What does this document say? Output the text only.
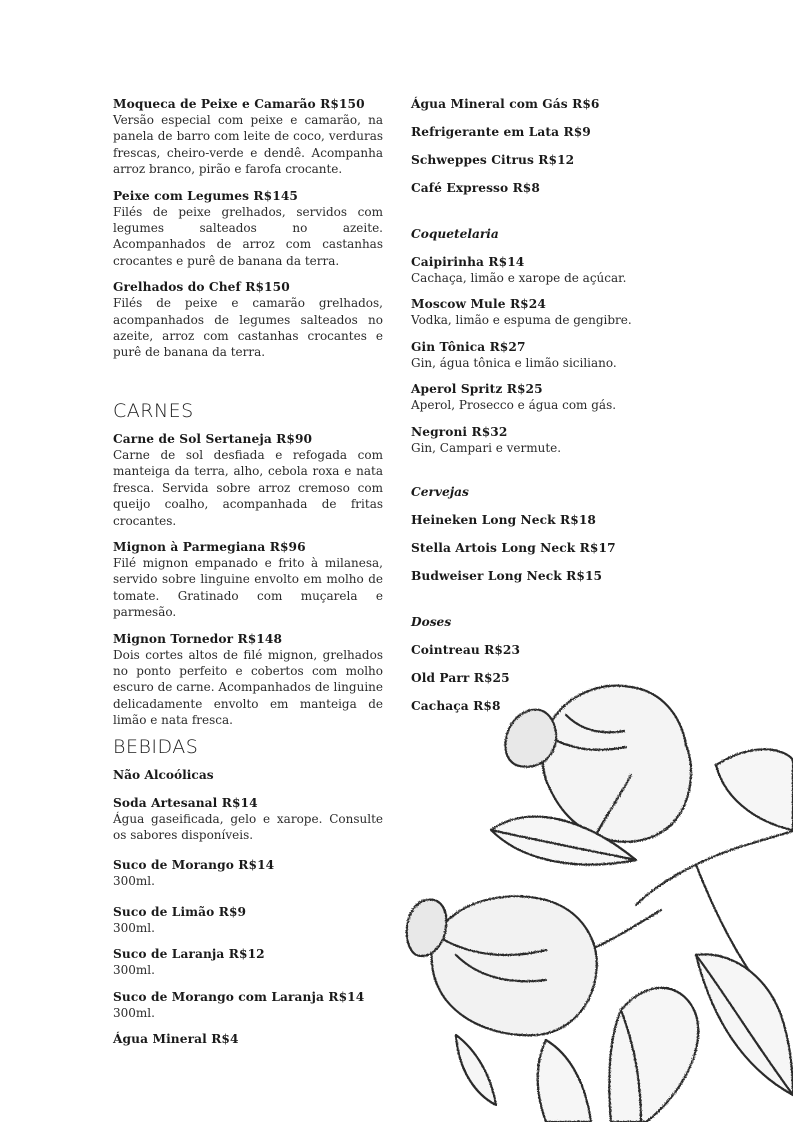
Moqueca de Peixe e Camarão R$150
Versão especial com peixe e camarão, na panela de barro com leite de coco, verduras frescas, cheiro-verde e dendê. Acompanha arroz branco, pirão e farofa crocante.
Peixe com Legumes R$145
Filés de peixe grelhados, servidos com legumes salteados no azeite. Acompanhados de arroz com castanhas crocantes e purê de banana da terra.
Grelhados do Chef R$150
Filés de peixe e camarão grelhados, acompanhados de legumes salteados no azeite, arroz com castanhas crocantes e purê de banana da terra.
CARNES
Carne de Sol Sertaneja R$90
Carne de sol desfiada e refogada com manteiga da terra, alho, cebola roxa e nata fresca. Servida sobre arroz cremoso com queijo coalho, acompanhada de fritas crocantes.
Mignon à Parmegiana R$96
Filé mignon empanado e frito à milanesa, servido sobre linguine envolto em molho de tomate. Gratinado com muçarela e parmesão.
Mignon Tornedor R$148
Dois cortes altos de filé mignon, grelhados no ponto perfeito e cobertos com molho escuro de carne. Acompanhados de linguine delicadamente envolto em manteiga de limão e nata fresca.
BEBIDAS
Não Alcoólicas
Soda Artesanal R$14
Água gaseificada, gelo e xarope. Consulte os sabores disponíveis.
Suco de Morango R$14
300ml.
Suco de Limão R$9
300ml.
Suco de Laranja R$12
300ml.
Suco de Morango com Laranja R$14
300ml.
Água Mineral R$4
Água Mineral com Gás R$6
Refrigerante em Lata R$9
Schweppes Citrus R$12
Café Expresso R$8
Coquetelaria
Caipirinha R$14
Cachaça, limão e xarope de açúcar.
Moscow Mule R$24
Vodka, limão e espuma de gengibre.
Gin Tônica R$27
Gin, água tônica e limão siciliano.
Aperol Spritz R$25
Aperol, Prosecco e água com gás.
Negroni R$32
Gin, Campari e vermute.
Cervejas
Heineken Long Neck R$18
Stella Artois Long Neck R$17
Budweiser Long Neck R$15
Doses
Cointreau R$23
Old Parr R$25
Cachaça R$8
